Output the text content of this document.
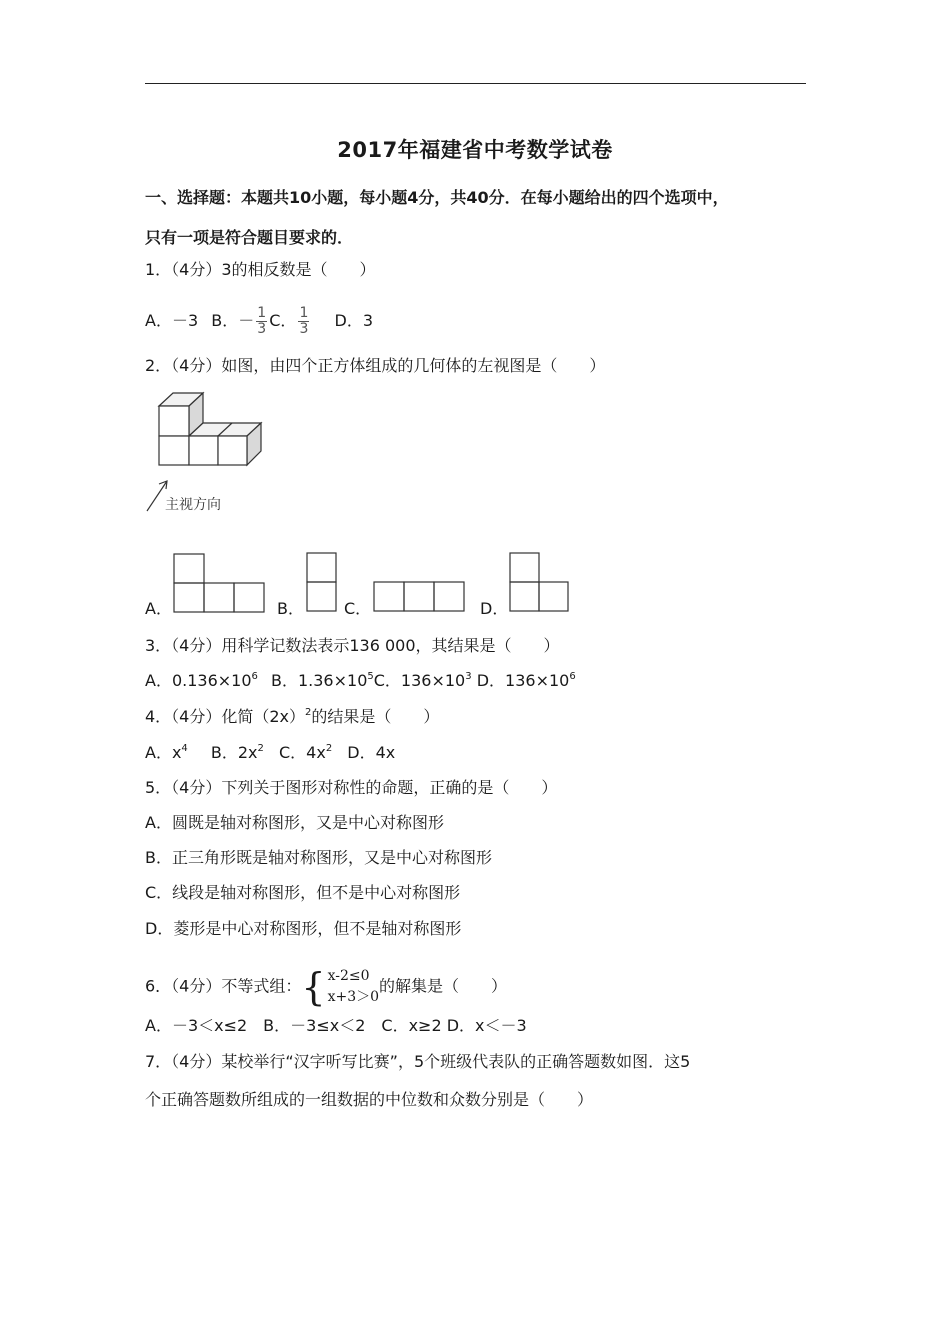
2017年福建省中考数学试卷
一、选择题：本题共10小题，每小题4分，共40分．在每小题给出的四个选项中，
只有一项是符合题目要求的．
1．（4分）3的相反数是（　　）
A．－3 B．－ $\frac{1}{3}$ C． $\frac{1}{3}$ D．3
2．（4分）如图，由四个正方体组成的几何体的左视图是（　　）
主视方向
A．	B．	C．	D．
3．（4分）用科学记数法表示136 000，其结果是（　　）
A．$0.136\times 10^6$ B．$1.36\times 10^5C$．$136\times 10^3$ D．$136\times 10^6$
4．（4分）化简$(2x)^2$的结果是（　　）
A．$x^4$ B．$2x^2$ C．$4x^2$ D．4x
5．（4分）下列关于图形对称性的命题，正确的是（　　）
A．圆既是轴对称图形，又是中心对称图形
B．正三角形既是轴对称图形，又是中心对称图形
C．线段是轴对称图形，但不是中心对称图形
D．菱形是中心对称图形，但不是轴对称图形
6．（4分）不等式组：{ x-2≤0
x+3＞0
的解集是（　　）
A．－3＜x≤2　B．－3≤x＜2　C．x≥2 D．x＜－3
7．（4分）某校举行“汉字听写比赛”，5个班级代表队的正确答题数如图．这5
个正确答题数所组成的一组数据的中位数和众数分别是（　　）
